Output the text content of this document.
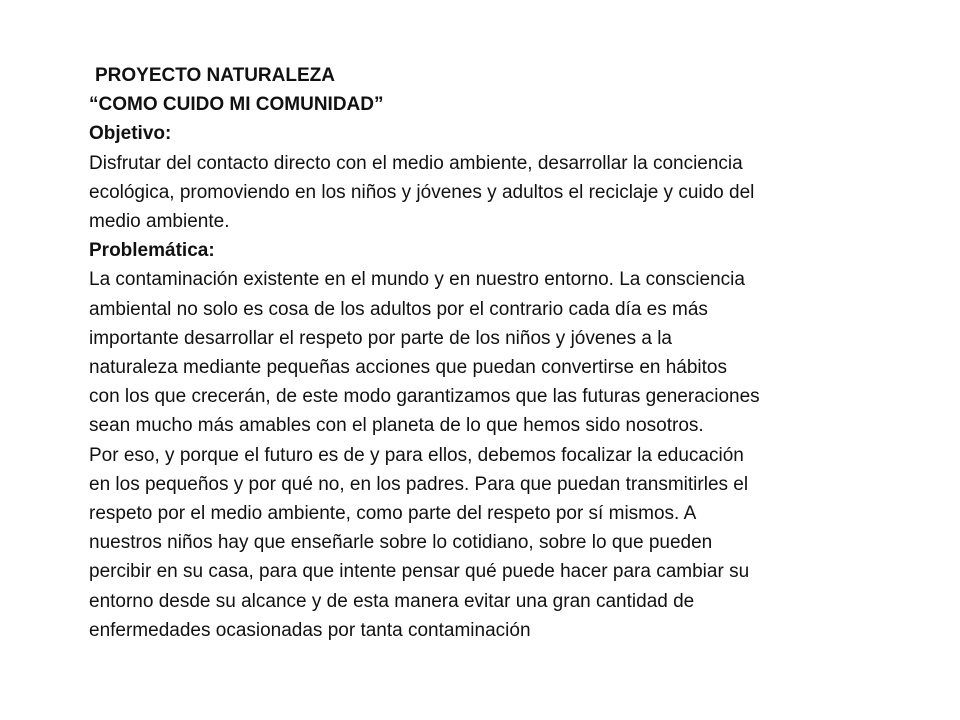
PROYECTO NATURALEZA
“COMO CUIDO MI COMUNIDAD”
Objetivo:
Disfrutar del contacto directo con el medio ambiente, desarrollar la conciencia
ecológica, promoviendo en los niños y jóvenes y adultos el reciclaje y cuido del
medio ambiente.
Problemática:
La contaminación existente en el mundo y en nuestro entorno. La consciencia
ambiental no solo es cosa de los adultos por el contrario cada día es más
importante desarrollar el respeto por parte de los niños y jóvenes a la
naturaleza mediante pequeñas acciones que puedan convertirse en hábitos
con los que crecerán, de este modo garantizamos que las futuras generaciones
sean mucho más amables con el planeta de lo que hemos sido nosotros.
Por eso, y porque el futuro es de y para ellos, debemos focalizar la educación
en los pequeños y por qué no, en los padres. Para que puedan transmitirles el
respeto por el medio ambiente, como parte del respeto por sí mismos. A
nuestros niños hay que enseñarle sobre lo cotidiano, sobre lo que pueden
percibir en su casa, para que intente pensar qué puede hacer para cambiar su
entorno desde su alcance y de esta manera evitar una gran cantidad de
enfermedades ocasionadas por tanta contaminación
